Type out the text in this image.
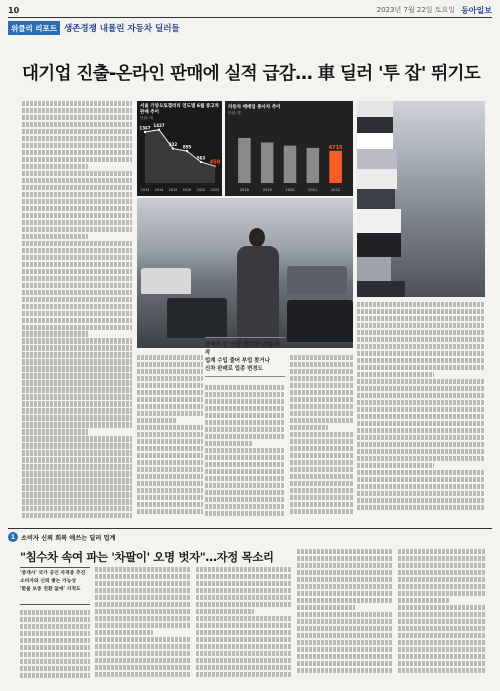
10	2023년 7월 22일 토요일 동아일보
위클리 리포트 생존경쟁 내몰린 자동차 딜러들
대기업 진출-온라인 판매에 실적 급감… 車 딜러 '투 잡' 뛰기도
서울 가양오토갤러리 연도별 6월 중고차 판매 추이
단위: 대
1367
2013
1427
2014
922
2015
855
2019
563
2022
450
2023
자동차 매매업 종사자 추이
단위: 명
2018	2019	2020	2021
4715
2022
판매자 등 '인증 중고차' 사업 시작
업계 수입 줄어 부업 찾거나
신차 판매로 업종 변경도
1 소비자 신뢰 회복 애쓰는 딜러 업계
"침수차 속여 파는 '차팔이' 오명 벗자"…자정 목소리
'중개사' 국가 공인 자격증 추진
소비자와 신뢰 쌓는 가능성
'환불 보증 전환 없애' 지적도
